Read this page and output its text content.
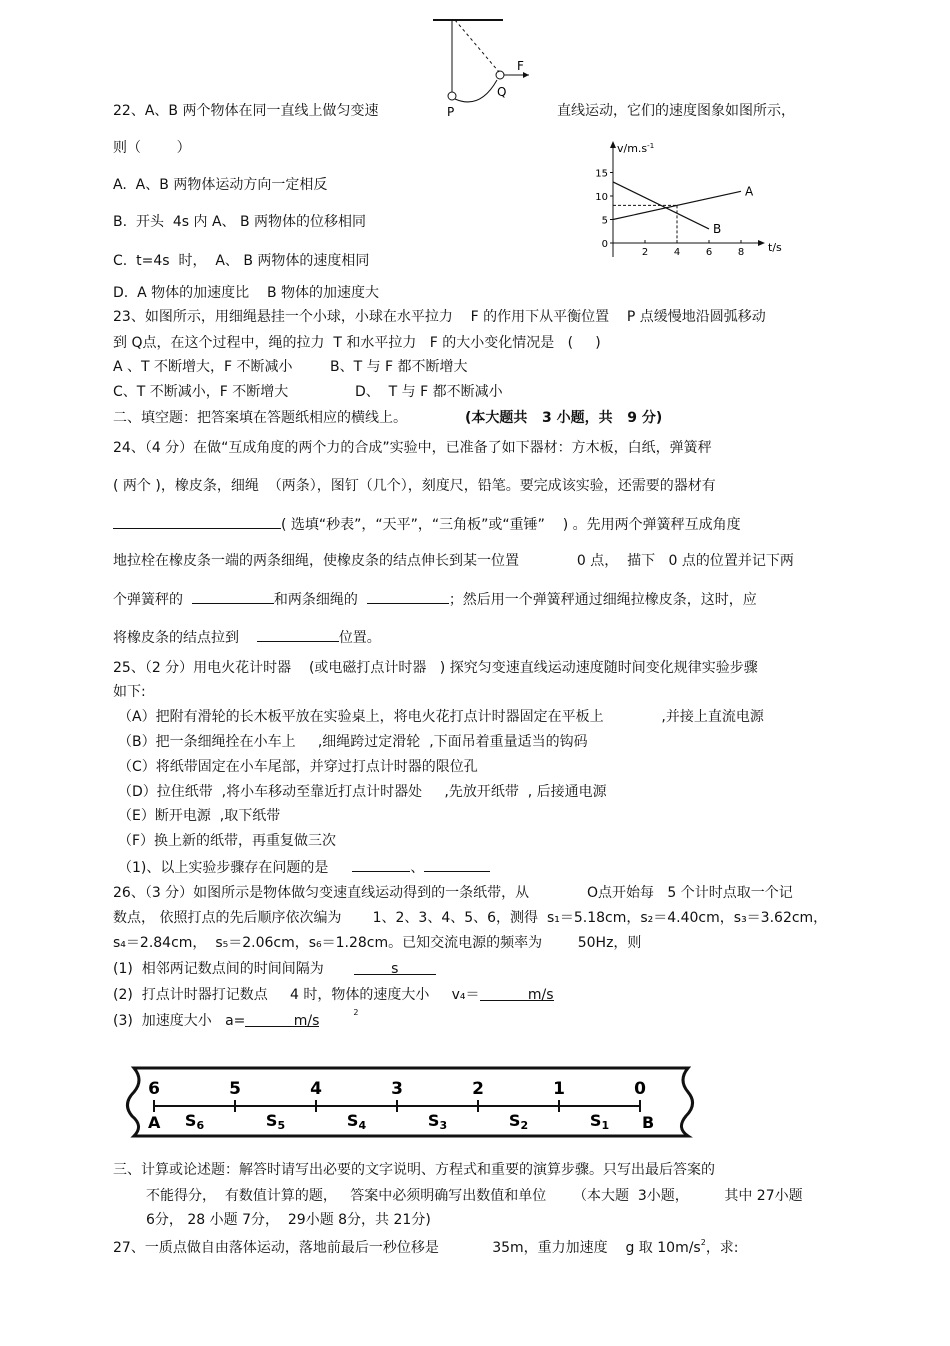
F
Q
P
22、A、B 两个物体在同一直线上做匀变速	直线运动，它们的速度图象如图所示，
则（        ）
A.  A、B 两物体运动方向一定相反
B.  开头  4s 内 A、 B 两物体的位移相同
C.  t=4s  时，  A、 B 两物体的速度相同
D.  A 物体的加速度比    B 物体的加速度大
$v/m.s^{-1}$
t/s
0
5
10
15
2	4	6	8
A
B
23、如图所示，用细绳悬挂一个小球，小球在水平拉力    F 的作用下从平衡位置    P 点缓慢地沿圆弧移动
到 Q点，在这个过程中，绳的拉力  T 和水平拉力   F 的大小变化情况是   (     )
A 、T 不断增大，F 不断减小	B、T 与 F 都不断增大
C、T 不断减小，F 不断增大	D、  T 与 F 都不断减小
二、填空题：把答案填在答题纸相应的横线上。	(本大题共   3 小题，共   9 分)
24、（4 分）在做“互成角度的两个力的合成”实验中，已准备了如下器材：方木板，白纸，弹簧秤
( 两个 )，橡皮条，细绳  （两条），图钉（几个），刻度尺，铅笔。要完成该实验，还需要的器材有
( 选填“秒表”，“天平”，“三角板”或“重锤”    ) 。先用两个弹簧秤互成角度
地拉栓在橡皮条一端的两条细绳，使橡皮条的结点伸长到某一位置             0 点，  描下   0 点的位置并记下两
个弹簧秤的	和两条细绳的	；然后用一个弹簧秤通过细绳拉橡皮条，这时，应
将橡皮条的结点拉到	位置。
25、（2 分）用电火花计时器    (或电磁打点计时器   ) 探究匀变速直线运动速度随时间变化规律实验步骤
如下:
（A）把附有滑轮的长木板平放在实验桌上，将电火花打点计时器固定在平板上             ,并接上直流电源
（B）把一条细绳拴在小车上     ,细绳跨过定滑轮  ,下面吊着重量适当的钩码
（C）将纸带固定在小车尾部，并穿过打点计时器的限位孔
（D）拉住纸带  ,将小车移动至靠近打点计时器处     ,先放开纸带  , 后接通电源
（E）断开电源  ,取下纸带
（F）换上新的纸带，再重复做三次
（1)、以上实验步骤存在问题的是	、
26、（3 分）如图所示是物体做匀变速直线运动得到的一条纸带，从             O点开始每   5 个计时点取一个记
数点， 依照打点的先后顺序依次编为       1、2、3、4、5、6，测得  s₁＝5.18cm，s₂＝4.40cm，s₃＝3.62cm，
s₄＝2.84cm，  s₅＝2.06cm，s₆＝1.28cm。已知交流电源的频率为        50Hz，则
(1)  相邻两记数点间的时间间隔为	s
(2)  打点计时器打记数点     4 时，物体的速度大小     v₄＝	m/s
(3)  加速度大小   a=	$m/s^2$
6	5	4	3	2	1	0
S6	S5	S4	S3	S2	S1
A	B
三、计算或论述题：解答时请写出必要的文字说明、方程式和重要的演算步骤。只写出最后答案的
不能得分，  有数值计算的题，   答案中必须明确写出数值和单位      （本大题  3小题，        其中 27小题
6分， 28 小题 7分，  29小题 8分，共 21分)
27、一质点做自由落体运动，落地前最后一秒位移是            35m，重力加速度    g 取 $10m/s^2$，求:
